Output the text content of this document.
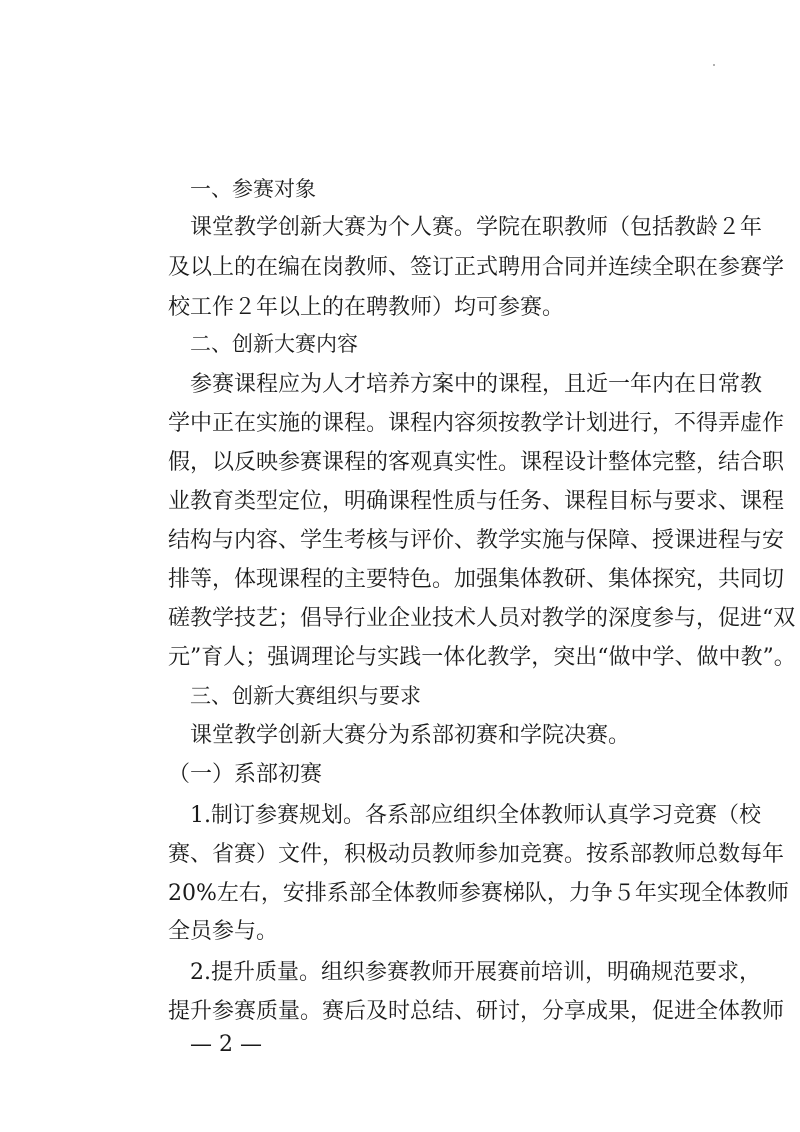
一、参赛对象
课堂教学创新大赛为个人赛。学院在职教师（包括教龄２年
及以上的在编在岗教师、签订正式聘用合同并连续全职在参赛学
校工作２年以上的在聘教师）均可参赛。
二、创新大赛内容
参赛课程应为人才培养方案中的课程，且近一年内在日常教
学中正在实施的课程。课程内容须按教学计划进行，不得弄虚作
假，以反映参赛课程的客观真实性。课程设计整体完整，结合职
业教育类型定位，明确课程性质与任务、课程目标与要求、课程
结构与内容、学生考核与评价、教学实施与保障、授课进程与安
排等，体现课程的主要特色。加强集体教研、集体探究，共同切
磋教学技艺；倡导行业企业技术人员对教学的深度参与，促进“双
元”育人；强调理论与实践一体化教学，突出“做中学、做中教”。
三、创新大赛组织与要求
课堂教学创新大赛分为系部初赛和学院决赛。
（一）系部初赛
1.制订参赛规划。各系部应组织全体教师认真学习竞赛（校
赛、省赛）文件，积极动员教师参加竞赛。按系部教师总数每年
20%左右，安排系部全体教师参赛梯队，力争５年实现全体教师
全员参与。
2.提升质量。组织参赛教师开展赛前培训，明确规范要求，
提升参赛质量。赛后及时总结、研讨，分享成果，促进全体教师
— 2 —
